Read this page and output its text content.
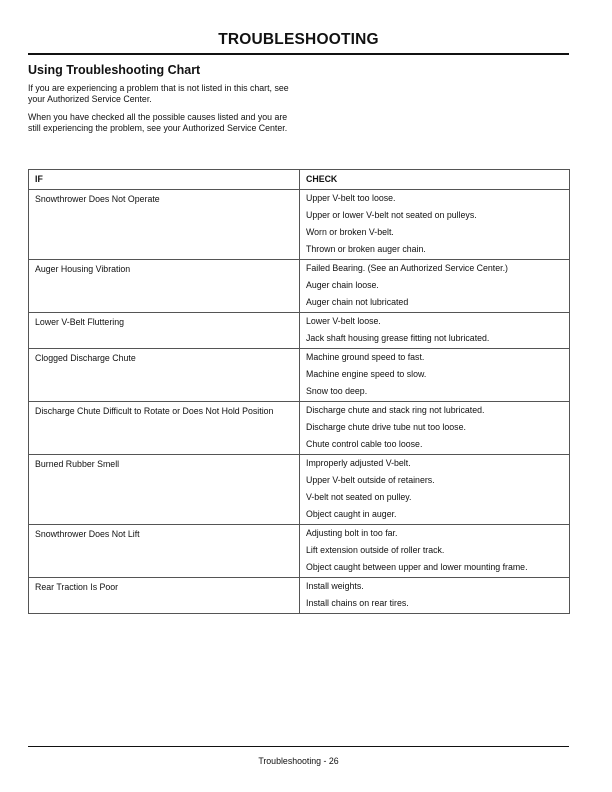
TROUBLESHOOTING
Using Troubleshooting Chart

If you are experiencing a problem that is not listed in this chart, see your Authorized Service Center.

When you have checked all the possible causes listed and you are still experiencing the problem, see your Authorized Service Center.

IF	CHECK
Snowthrower Does Not Operate	Upper V-belt too loose.
Upper or lower V-belt not seated on pulleys.
Worn or broken V-belt.
Thrown or broken auger chain.

Auger Housing Vibration	Failed Bearing. (See an Authorized Service Center.)
Auger chain loose.
Auger chain not lubricated

Lower V-Belt Fluttering	Lower V-belt loose.
Jack shaft housing grease fitting not lubricated.

Clogged Discharge Chute	Machine ground speed to fast.
Machine engine speed to slow.
Snow too deep.

Discharge Chute Difficult to Rotate or Does Not Hold Position	Discharge chute and stack ring not lubricated.
Discharge chute drive tube nut too loose.
Chute control cable too loose.

Burned Rubber Smell	Improperly adjusted V-belt.
Upper V-belt outside of retainers.
V-belt not seated on pulley.
Object caught in auger.

Snowthrower Does Not Lift	Adjusting bolt in too far.
Lift extension outside of roller track.
Object caught between upper and lower mounting frame.

Rear Traction Is Poor	Install weights.
Install chains on rear tires.
Troubleshooting - 26
